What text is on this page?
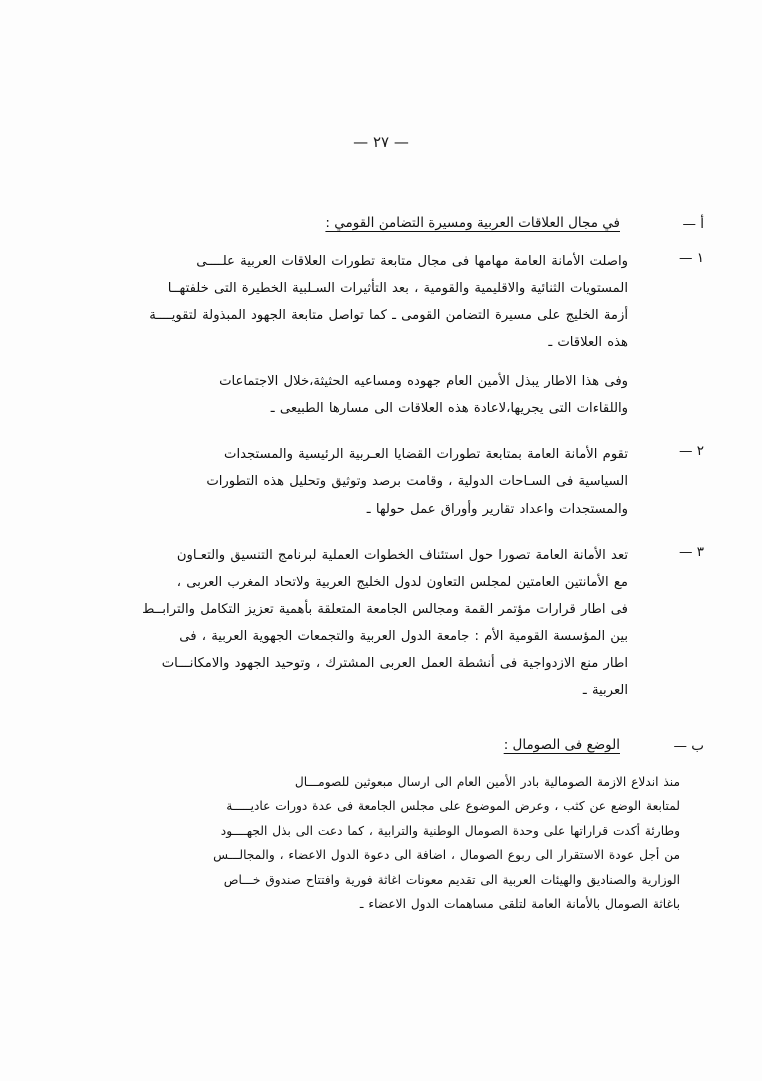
— ٢٧ —
أ —
في مجال العلاقات العربية ومسيرة التضامن القومي :
١ —
واصلت الأمانة العامة مهامها فى مجال متابعة تطورات العلاقات العربية علــــى
المستويات الثنائية والاقليمية والقومية ، بعد التأثيرات السـلبية الخطيرة التى خلفتهــا
أزمة الخليج على مسيرة التضامن القومى ـ كما تواصل متابعة الجهود المبذولة لتقويــــة
هذه العلاقات ـ
وفى هذا الاطار يبذل الأمين العام جهوده ومساعيه الحثيثة،خلال الاجتماعات
واللقاءات التى يجريها،لاعادة هذه العلاقات الى مسارها الطبيعى ـ
٢ —
تقوم الأمانة العامة بمتابعة تطورات القضايا العـربية الرئيسية والمستجدات
السياسية فى السـاحات الدولية ، وقامت برصد وتوثيق وتحليل هذه التطورات
والمستجدات واعداد تقارير وأوراق عمل حولها ـ
٣ —
تعد الأمانة العامة تصورا حول استئناف الخطوات العملية لبرنامج التنسيق والتعـاون
مع الأمانتين العامتين لمجلس التعاون لدول الخليج العربية ولاتحاد المغرب العربى ،
فى اطار قرارات مؤتمر القمة ومجالس الجامعة المتعلقة بأهمية تعزيز التكامل والترابــط
بين المؤسسة القومية الأم : جامعة الدول العربية والتجمعات الجهوية العربية ، فى
اطار منع الازدواجية فى أنشطة العمل العربى المشترك ، وتوحيد الجهود والامكانـــات
العربية ـ
ب —
الوضع فى الصومال :
منذ اندلاع الازمة الصومالية بادر الأمين العام الى ارسال مبعوثين للصومـــال
لمتابعة الوضع عن كثب ، وعرض الموضوع على مجلس الجامعة فى عدة دورات عاديـــــة
وطارئة أكدت قراراتها على وحدة الصومال الوطنية والترابية ، كما دعت الى بذل الجهــــود
من أجل عودة الاستقرار الى ربوع الصومال ، اضافة الى دعوة الدول الاعضاء ، والمجالـــس
الوزارية والصناديق والهيئات العربية الى تقديم معونات اغاثة فورية وافتتاح صندوق خـــاص
باغاثة الصومال بالأمانة العامة لتلقى مساهمات الدول الاعضاء ـ
